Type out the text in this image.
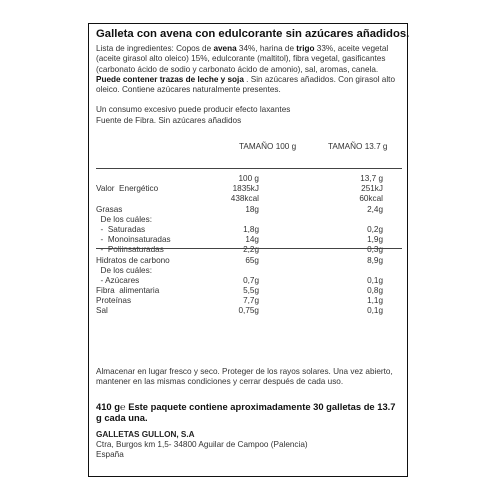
Galleta con avena con edulcorante sin azúcares añadidos.
Lista de ingredientes: Copos de avena 34%, harina de trigo 33%, aceite vegetal (aceite girasol alto oleico) 15%, edulcorante (maltitol), fibra vegetal, gasificantes (carbonato ácido de sodio y carbonato ácido de amonio), sal, aromas, canela. Puede contener trazas de leche y soja . Sin azúcares añadidos. Con girasol alto oleico. Contiene azúcares naturalmente presentes.
Un consumo excesivo puede producir efecto laxantes
Fuente de Fibra. Sin azúcares añadidos
TAMAÑO 100 g	TAMAÑO 13.7 g
100 g	13,7 g
Valor  Energético	1835kJ	251kJ
438kcal	60kcal
Grasas	18g	2,4g
De los cuáles:
-  Saturadas	1,8g	0,2g
-  Monoinsaturadas	14g	1,9g
-  Poliinsaturadas	2,2g	0,3g
Hidratos de carbono	65g	8,9g
De los cuáles:
- Azúcares	0,7g	0,1g
Fibra  alimentaria	5,5g	0,8g
Proteínas	7,7g	1,1g
Sal	0,75g	0,1g
Almacenar en lugar fresco y seco. Proteger de los rayos solares. Una vez abierto, mantener en las mismas condiciones y cerrar después de cada uso.
410 g℮ Este paquete contiene aproximadamente 30 galletas de 13.7 g cada una.
GALLETAS GULLON, S.A
Ctra, Burgos km 1,5- 34800 Aguilar de Campoo (Palencia)
España
